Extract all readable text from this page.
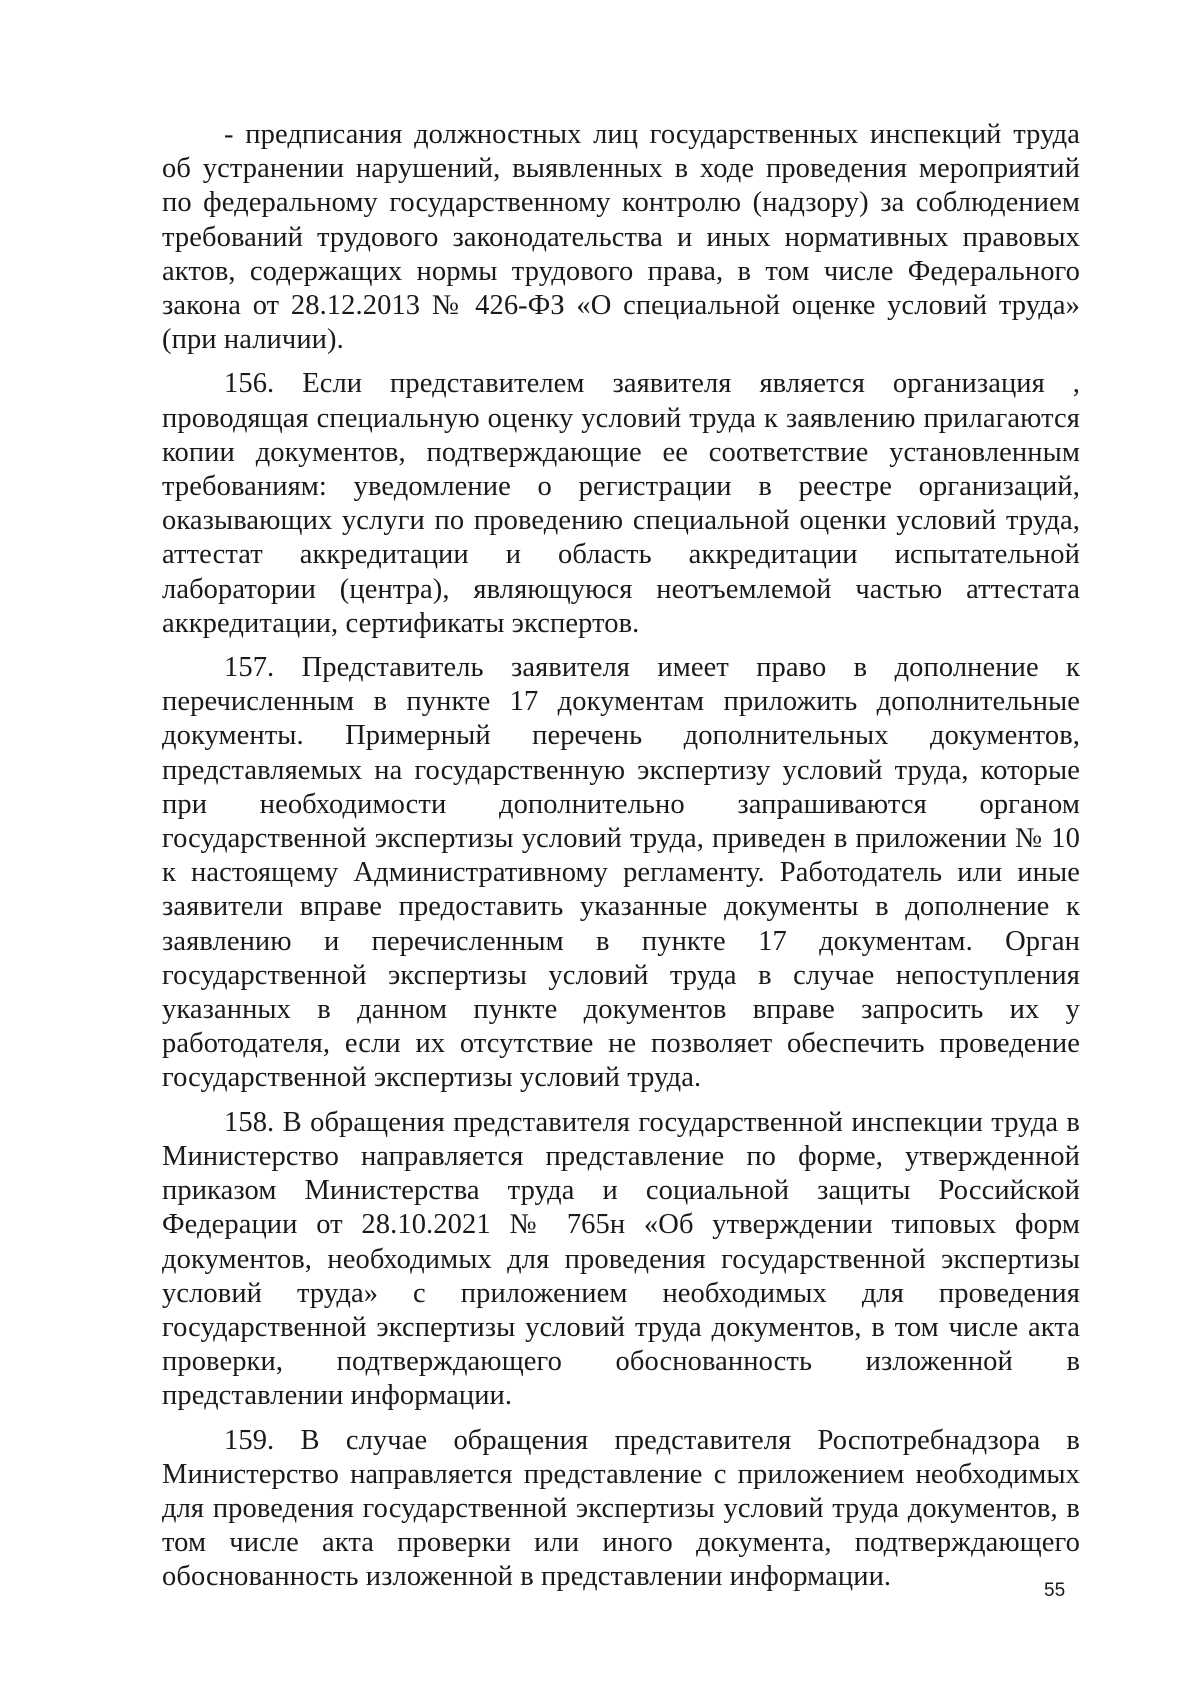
- предписания должностных лиц государственных инспекций труда об устранении нарушений, выявленных в ходе проведения мероприятий по федеральному государственному контролю (надзору) за соблюдением требований трудового законодательства и иных нормативных правовых актов, содержащих нормы трудового права, в том числе Федерального закона от 28.12.2013 № 426-ФЗ «О специальной оценке условий труда» (при наличии).

156. Если представителем заявителя является организация , проводящая специальную оценку условий труда к заявлению прилагаются копии документов, подтверждающие ее соответствие установленным требованиям: уведомление о регистрации в реестре организаций, оказывающих услуги по проведению специальной оценки условий труда, аттестат аккредитации и область аккредитации испытательной лаборатории (центра), являющуюся неотъемлемой частью аттестата аккредитации, сертификаты экспертов.

157. Представитель заявителя имеет право в дополнение к перечисленным в пункте 17 документам приложить дополнительные документы. Примерный перечень дополнительных документов, представляемых на государственную экспертизу условий труда, которые при необходимости дополнительно запрашиваются органом государственной экспертизы условий труда, приведен в приложении № 10 к настоящему Административному регламенту. Работодатель или иные заявители вправе предоставить указанные документы в дополнение к заявлению и перечисленным в пункте 17 документам. Орган государственной экспертизы условий труда в случае непоступления указанных в данном пункте документов вправе запросить их у работодателя, если их отсутствие не позволяет обеспечить проведение государственной экспертизы условий труда.

158. В обращения представителя государственной инспекции труда в Министерство направляется представление по форме, утвержденной приказом Министерства труда и социальной защиты Российской Федерации от 28.10.2021 № 765н «Об утверждении типовых форм документов, необходимых для проведения государственной экспертизы условий труда» с приложением необходимых для проведения государственной экспертизы условий труда документов, в том числе акта проверки, подтверждающего обоснованность изложенной в представлении информации.

159. В случае обращения представителя Роспотребнадзора в Министерство направляется представление с приложением необходимых для проведения государственной экспертизы условий труда документов, в том числе акта проверки или иного документа, подтверждающего обоснованность изложенной в представлении информации.	55
